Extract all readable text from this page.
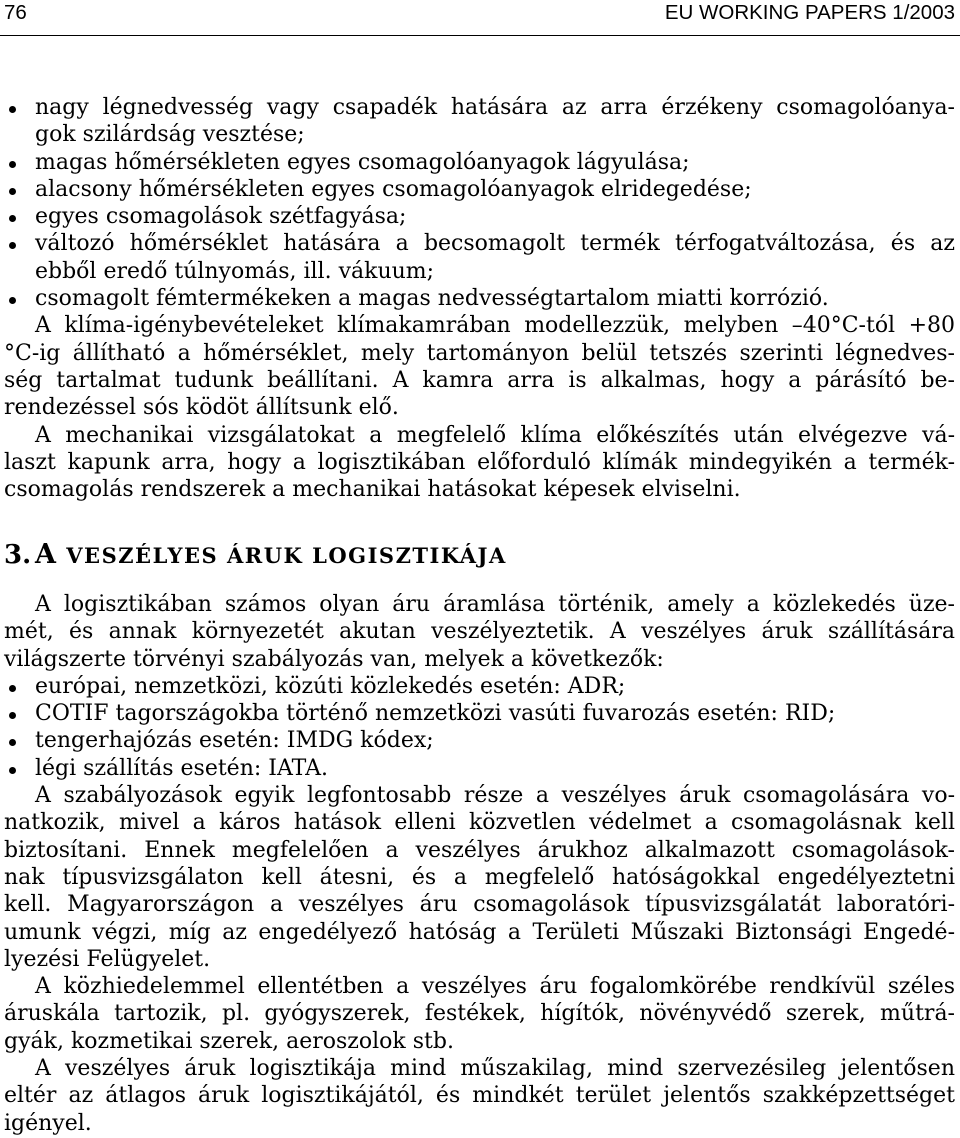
76	EU WORKING PAPERS 1/2003
nagy légnedvesség vagy csapadék hatására az arra érzékeny csomagolóanya-
gok szilárdság vesztése;
magas hőmérsékleten egyes csomagolóanyagok lágyulása;
alacsony hőmérsékleten egyes csomagolóanyagok elridegedése;
egyes csomagolások szétfagyása;
változó hőmérséklet hatására a becsomagolt termék térfogatváltozása, és az
ebből eredő túlnyomás, ill. vákuum;
csomagolt fémtermékeken a magas nedvességtartalom miatti korrózió.
A klíma-igénybevételeket klímakamrában modellezzük, melyben –40°C-tól +80
°C-ig állítható a hőmérséklet, mely tartományon belül tetszés szerinti légnedves-
ség tartalmat tudunk beállítani. A kamra arra is alkalmas, hogy a párásító be-
rendezéssel sós ködöt állítsunk elő.
A mechanikai vizsgálatokat a megfelelő klíma előkészítés után elvégezve vá-
laszt kapunk arra, hogy a logisztikában előforduló klímák mindegyikén a termék-
csomagolás rendszerek a mechanikai hatásokat képesek elviselni.
3. A VESZÉLYES ÁRUK LOGISZTIKÁJA
A logisztikában számos olyan áru áramlása történik, amely a közlekedés üze-
mét, és annak környezetét akutan veszélyeztetik. A veszélyes áruk szállítására
világszerte törvényi szabályozás van, melyek a következők:
európai, nemzetközi, közúti közlekedés esetén: ADR;
COTIF tagországokba történő nemzetközi vasúti fuvarozás esetén: RID;
tengerhajózás esetén: IMDG kódex;
légi szállítás esetén: IATA.
A szabályozások egyik legfontosabb része a veszélyes áruk csomagolására vo-
natkozik, mivel a káros hatások elleni közvetlen védelmet a csomagolásnak kell
biztosítani. Ennek megfelelően a veszélyes árukhoz alkalmazott csomagolások-
nak típusvizsgálaton kell átesni, és a megfelelő hatóságokkal engedélyeztetni
kell. Magyarországon a veszélyes áru csomagolások típusvizsgálatát laboratóri-
umunk végzi, míg az engedélyező hatóság a Területi Műszaki Biztonsági Engedé-
lyezési Felügyelet.
A közhiedelemmel ellentétben a veszélyes áru fogalomkörébe rendkívül széles
áruskála tartozik, pl. gyógyszerek, festékek, hígítók, növényvédő szerek, műtrá-
gyák, kozmetikai szerek, aeroszolok stb.
A veszélyes áruk logisztikája mind műszakilag, mind szervezésileg jelentősen
eltér az átlagos áruk logisztikájától, és mindkét terület jelentős szakképzettséget
igényel.
